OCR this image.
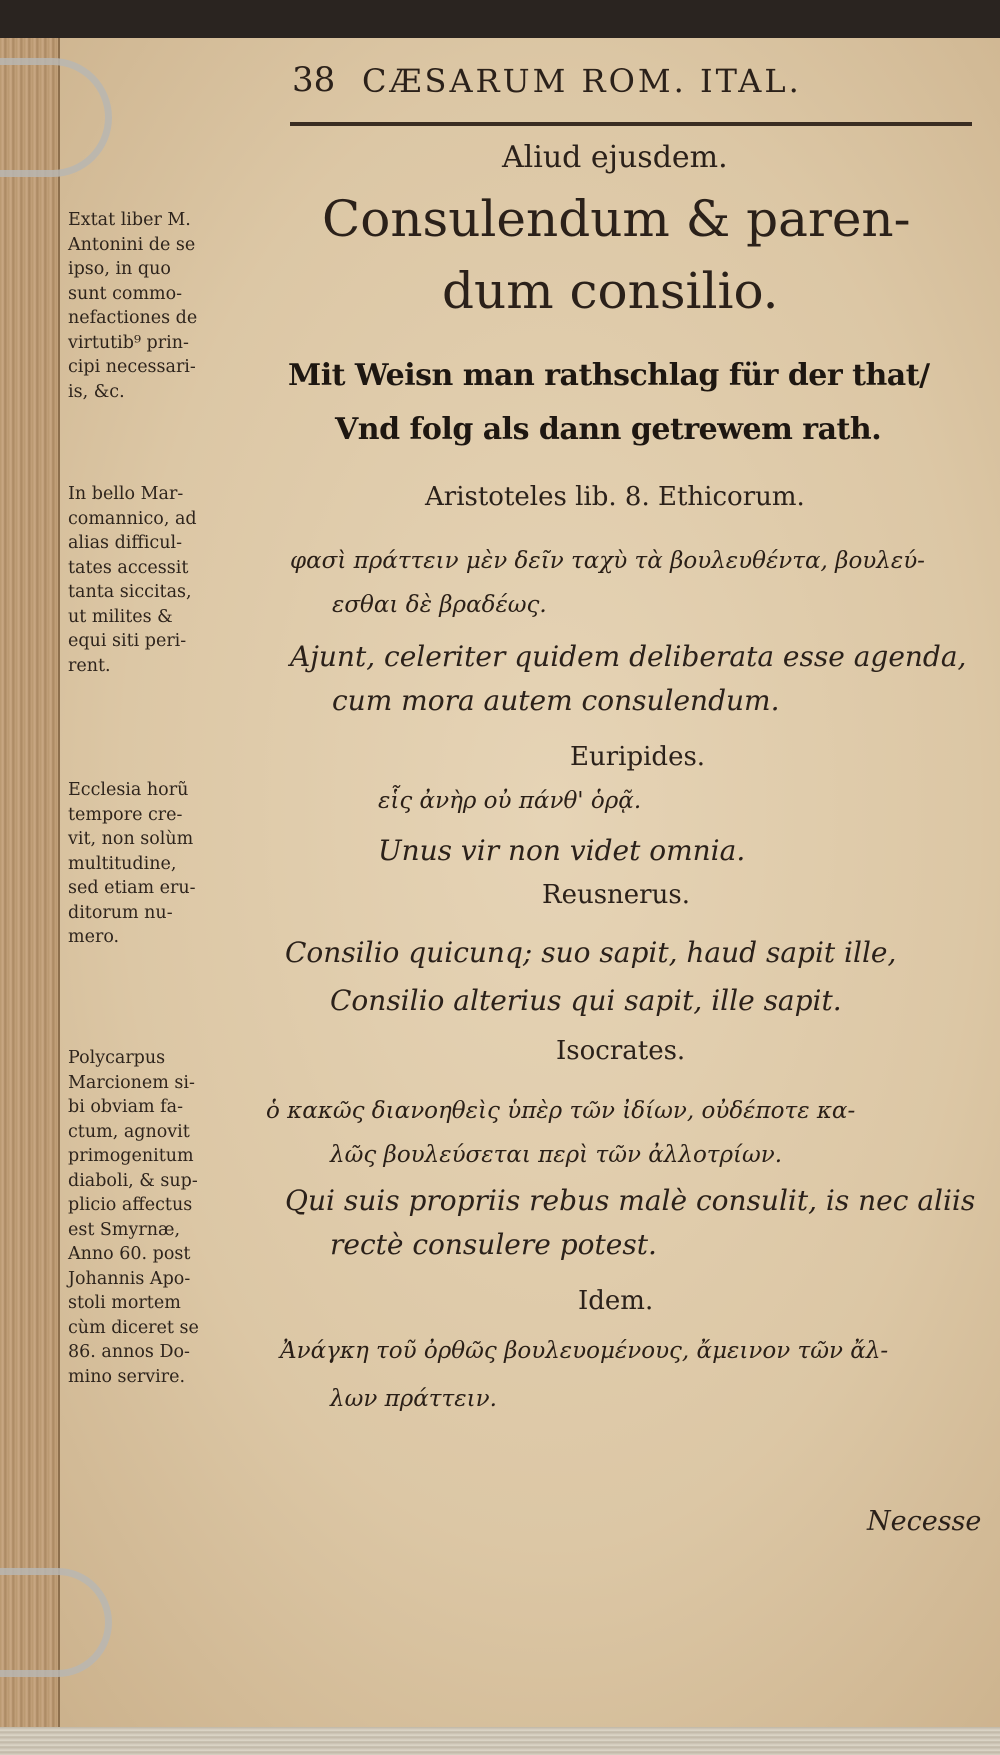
38 CÆSARUM ROM. ITAL.
Extat liber M.
Antonini de se
ipso, in quo
sunt commo-
nefactiones de
virtutib⁹ prin-
cipi necessari-
is, &c.
In bello Mar-
comannico, ad
alias difficul-
tates accessit
tanta siccitas,
ut milites &
equi siti peri-
rent.
Ecclesia horũ
tempore cre-
vit, non solùm
multitudine,
sed etiam eru-
ditorum nu-
mero.
Polycarpus
Marcionem si-
bi obviam fa-
ctum, agnovit
primogenitum
diaboli, & sup-
plicio affectus
est Smyrnæ,
Anno 60. post
Johannis Apo-
stoli mortem
cùm diceret se
86. annos Do-
mino servire.
Aliud ejusdem.
Consulendum & paren-
dum consilio.
Mit Weisn man rathschlag für der that/
Vnd folg als dann getrewem rath.
Aristoteles lib. 8. Ethicorum.
φασὶ πράττειν μὲν δεῖν ταχὺ τὰ βουλευθέντα, βουλεύ-
εσθαι δὲ βραδέως.
Ajunt, celeriter quidem deliberata esse agenda,
cum mora autem consulendum.
Euripides.
εἷς ἀνὴρ οὐ πάνθ' ὁρᾷ.
Unus vir non videt omnia.
Reusnerus.
Consilio quicunq; suo sapit, haud sapit ille,
Consilio alterius qui sapit, ille sapit.
Isocrates.
ὁ κακῶς διανοηθεὶς ὑπὲρ τῶν ἰδίων, οὐδέποτε κα-
λῶς βουλεύσεται περὶ τῶν ἀλλοτρίων.
Qui suis propriis rebus malè consulit, is nec aliis
rectè consulere potest.
Idem.
Ἀνάγκη τοῦ ὀρθῶς βουλευομένους, ἄμεινον τῶν ἄλ-
λων πράττειν.
Necesse
